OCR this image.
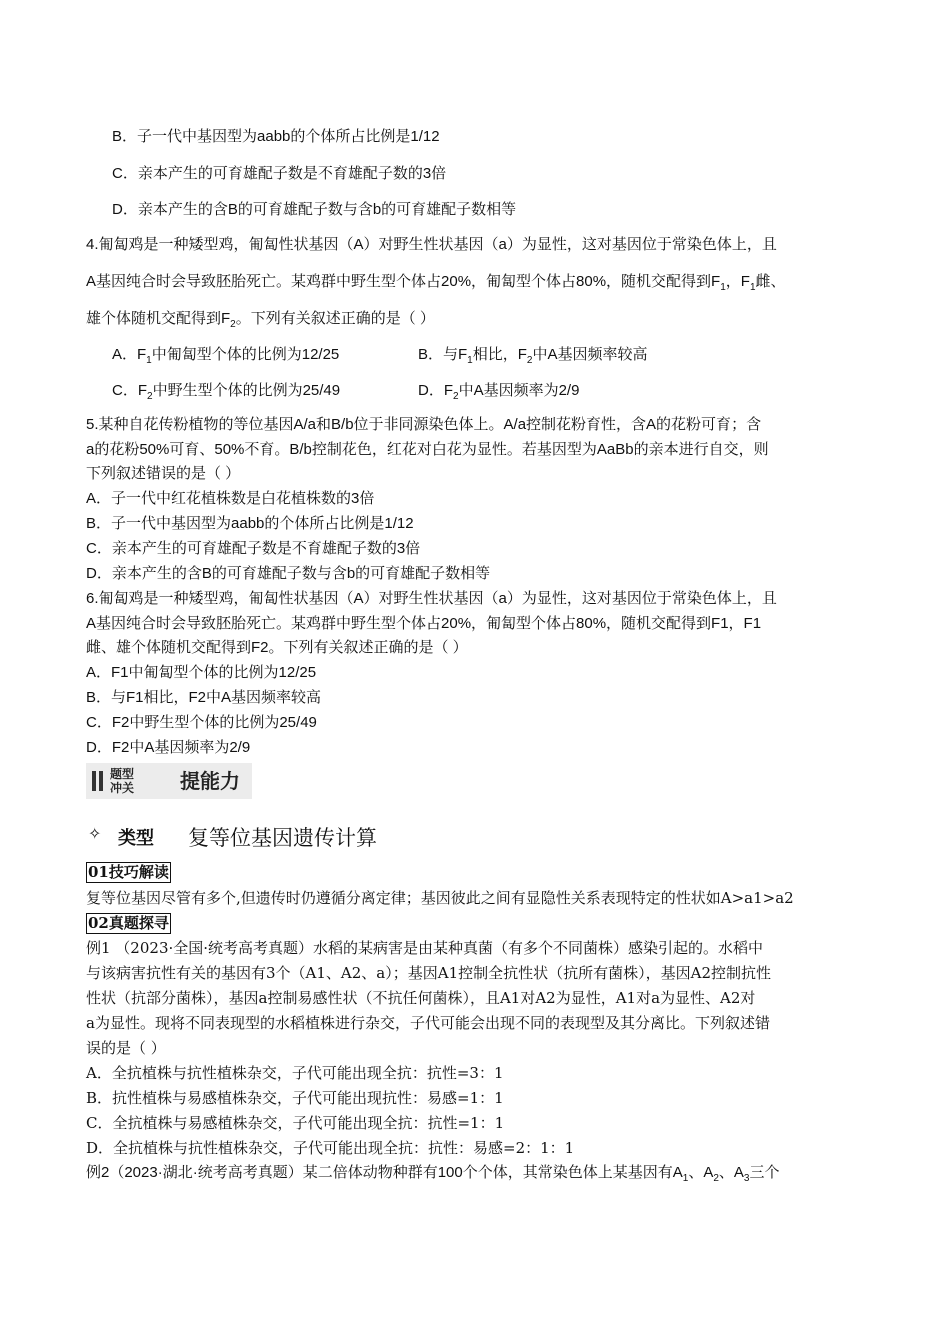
B．子一代中基因型为aabb的个体所占比例是1/12
C．亲本产生的可育雄配子数是不育雄配子数的3倍
D．亲本产生的含B的可育雄配子数与含b的可育雄配子数相等
4.匍匐鸡是一种矮型鸡，匍匐性状基因（A）对野生性状基因（a）为显性，这对基因位于常染色体上，且
A基因纯合时会导致胚胎死亡。某鸡群中野生型个体占20%，匍匐型个体占80%，随机交配得到$F_1$，$F_1$雌、
雄个体随机交配得到$F_2$。下列有关叙述正确的是（ ）
A．$F_1$中匍匐型个体的比例为12/25	B．与$F_1$相比，$F_2$中A基因频率较高
C．$F_2$中野生型个体的比例为25/49	D．$F_2$中A基因频率为2/9
5.某种自花传粉植物的等位基因A/a和B/b位于非同源染色体上。A/a控制花粉育性，含A的花粉可育；含
a的花粉50%可育、50%不育。B/b控制花色，红花对白花为显性。若基因型为AaBb的亲本进行自交，则
下列叙述错误的是（ ）
A．子一代中红花植株数是白花植株数的3倍
B．子一代中基因型为aabb的个体所占比例是1/12
C．亲本产生的可育雄配子数是不育雄配子数的3倍
D．亲本产生的含B的可育雄配子数与含b的可育雄配子数相等
6.匍匐鸡是一种矮型鸡，匍匐性状基因（A）对野生性状基因（a）为显性，这对基因位于常染色体上，且
A基因纯合时会导致胚胎死亡。某鸡群中野生型个体占20%，匍匐型个体占80%，随机交配得到F1，F1
雌、雄个体随机交配得到F2。下列有关叙述正确的是（ ）
A．F1中匍匐型个体的比例为12/25
B．与F1相比，F2中A基因频率较高
C．F2中野生型个体的比例为25/49
D．F2中A基因频率为2/9
题型
冲关 提能力
✧ 类型 复等位基因遗传计算
01技巧解读
复等位基因尽管有多个,但遗传时仍遵循分离定律；基因彼此之间有显隐性关系表现特定的性状如A>a1>a2
02真题探寻
例1 （2023·全国·统考高考真题）水稻的某病害是由某种真菌（有多个不同菌株）感染引起的。水稻中
与该病害抗性有关的基因有3个（A1、A2、a）；基因A1控制全抗性状（抗所有菌株），基因A2控制抗性
性状（抗部分菌株），基因a控制易感性状（不抗任何菌株），且A1对A2为显性，A1对a为显性、A2对
a为显性。现将不同表现型的水稻植株进行杂交，子代可能会出现不同的表现型及其分离比。下列叙述错
误的是（ ）
A．全抗植株与抗性植株杂交，子代可能出现全抗：抗性=3：1
B．抗性植株与易感植株杂交，子代可能出现抗性：易感=1：1
C．全抗植株与易感植株杂交，子代可能出现全抗：抗性=1：1
D．全抗植株与抗性植株杂交，子代可能出现全抗：抗性：易感=2：1：1
例2（2023·湖北·统考高考真题）某二倍体动物种群有100个个体，其常染色体上某基因有$A_1$、$A_2$、$A_3$三个
